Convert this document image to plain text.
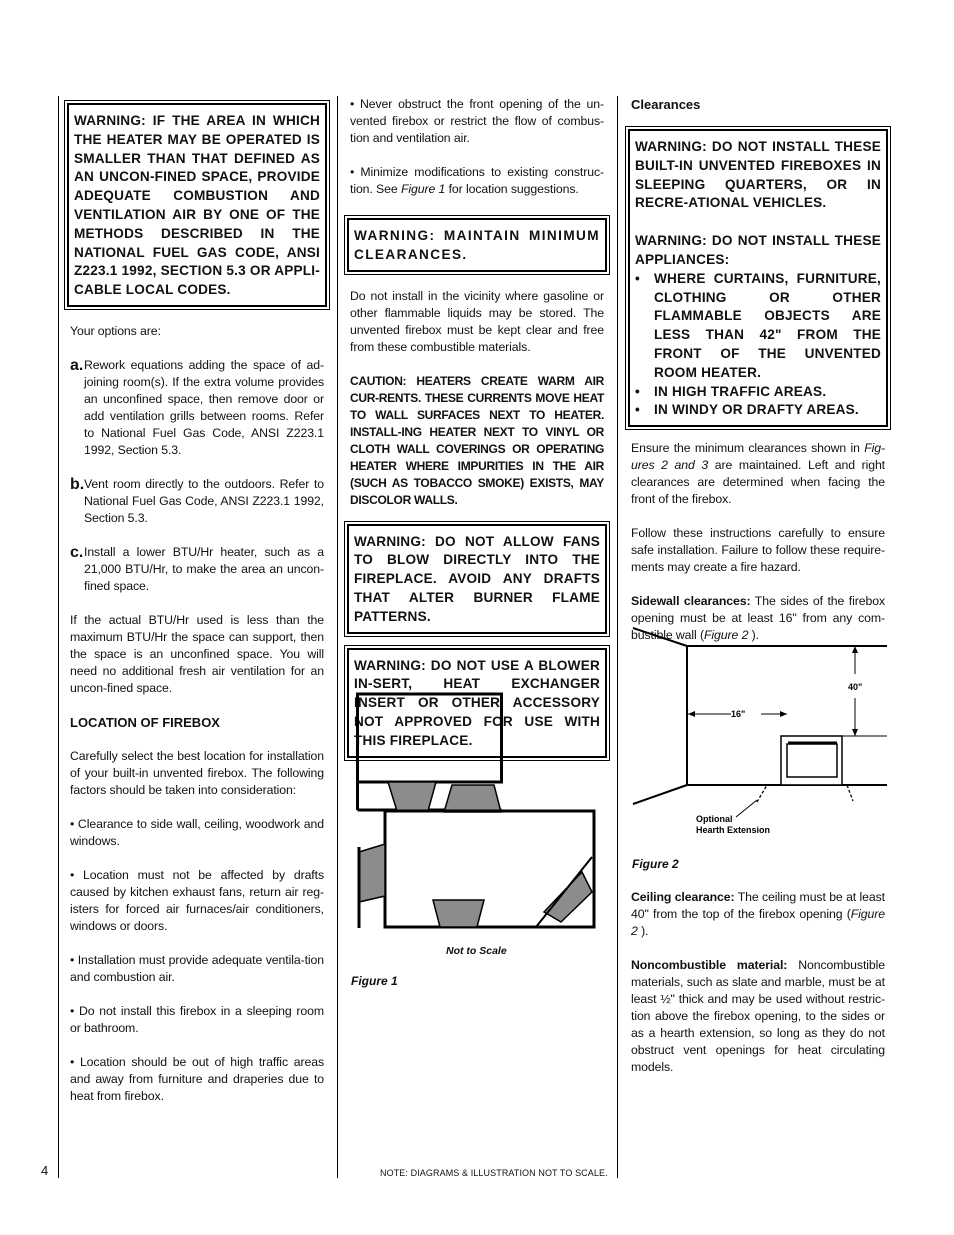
WARNING: IF THE AREA IN WHICH THE HEATER MAY BE OPERATED IS SMALLER THAN THAT DEFINED AS AN UNCON-FINED SPACE, PROVIDE ADEQUATE COMBUSTION AND VENTILATION AIR BY ONE OF THE METHODS DESCRIBED IN THE NATIONAL FUEL GAS CODE, ANSI Z223.1 1992, SECTION 5.3 OR APPLI-CABLE LOCAL CODES.

Your options are:

a. Rework equations adding the space of ad-joining room(s). If the extra volume provides an unconfined space, then remove door or add ventilation grills between rooms. Refer to National Fuel Gas Code, ANSI Z223.1 1992, Section 5.3.

b. Vent room directly to the outdoors. Refer to National Fuel Gas Code, ANSI Z223.1 1992, Section 5.3.

c. Install a lower BTU/Hr heater, such as a 21,000 BTU/Hr, to make the area an uncon-fined space.

If the actual BTU/Hr used is less than the maximum BTU/Hr the space can support, then the space is an unconfined space. You will need no additional fresh air ventilation for an uncon-fined space.

LOCATION OF FIREBOX

Carefully select the best location for installation of your built-in unvented firebox. The following factors should be taken into consideration:

• Clearance to side wall, ceiling, woodwork and windows.

• Location must not be affected by drafts caused by kitchen exhaust fans, return air reg-isters for forced air furnaces/air conditioners, windows or doors.

• Installation must provide adequate ventila-tion and combustion air.

• Do not install this firebox in a sleeping room or bathroom.

• Location should be out of high traffic areas and away from furniture and draperies due to heat from firebox.

• Never obstruct the front opening of the un-vented firebox or restrict the flow of combus-tion and ventilation air.

• Minimize modifications to existing construc-tion. See Figure 1 for location suggestions.

WARNING: MAINTAIN MINIMUM CLEARANCES.

Do not install in the vicinity where gasoline or other flammable liquids may be stored. The unvented firebox must be kept clear and free from these combustible materials.

CAUTION: HEATERS CREATE WARM AIR CUR-RENTS. THESE CURRENTS MOVE HEAT TO WALL SURFACES NEXT TO HEATER. INSTALL-ING HEATER NEXT TO VINYL OR CLOTH WALL COVERINGS OR OPERATING HEATER WHERE IMPURITIES IN THE AIR (SUCH AS TOBACCO SMOKE) EXISTS, MAY DISCOLOR WALLS.

WARNING: DO NOT ALLOW FANS TO BLOW DIRECTLY INTO THE FIREPLACE. AVOID ANY DRAFTS THAT ALTER BURNER FLAME PATTERNS.

WARNING: DO NOT USE A BLOWER IN-SERT, HEAT EXCHANGER INSERT OR OTHER ACCESSORY NOT APPROVED FOR USE WITH THIS FIREPLACE.

Not to Scale
Figure 1

Clearances

WARNING: DO NOT INSTALL THESE BUILT-IN UNVENTED FIREBOXES IN SLEEPING QUARTERS, OR IN RECRE-ATIONAL VEHICLES.

WARNING: DO NOT INSTALL THESE APPLIANCES:

• WHERE CURTAINS, FURNITURE, CLOTHING OR OTHER FLAMMABLE OBJECTS ARE LESS THAN 42" FROM THE FRONT OF THE UNVENTED ROOM HEATER.
• IN HIGH TRAFFIC AREAS.
• IN WINDY OR DRAFTY AREAS.

Ensure the minimum clearances shown in Fig-ures 2 and 3 are maintained. Left and right clearances are determined when facing the front of the firebox.

Follow these instructions carefully to ensure safe installation. Failure to follow these require-ments may create a fire hazard.

Sidewall clearances: The sides of the firebox opening must be at least 16" from any com-bustible wall (Figure 2 ).

16"
40"
Optional
Hearth Extension
Figure 2

Ceiling clearance: The ceiling must be at least 40" from the top of the firebox opening (Figure 2 ).

Noncombustible material: Noncombustible materials, such as slate and marble, must be at least ½" thick and may be used without restric-tion above the firebox opening, to the sides or as a hearth extension, so long as they do not obstruct vent openings for heat circulating models.

4	NOTE: DIAGRAMS & ILLUSTRATION NOT TO SCALE.
